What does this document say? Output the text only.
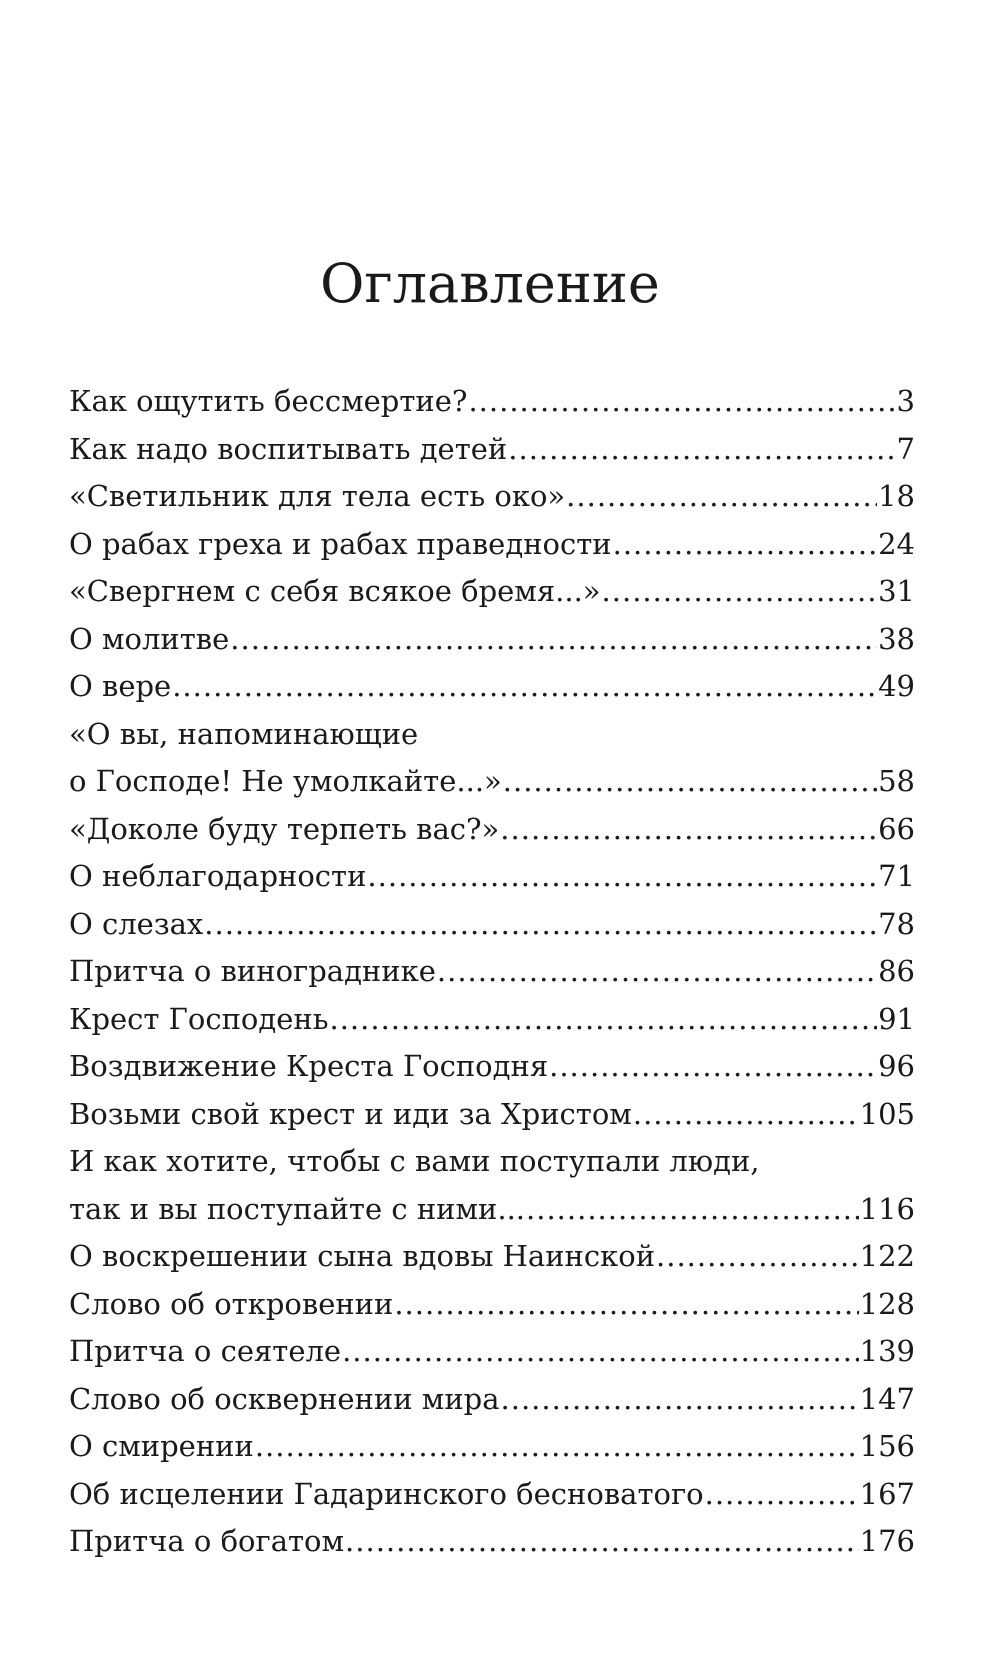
Оглавление
Как ощутить бессмертие? .....	3
Как надо воспитывать детей .....	7
«Светильник для тела есть око» .....	18
О рабах греха и рабах праведности .....	24
«Свергнем с себя всякое бремя...» .....	31
О молитве .....	38
О вере .....	49
«О вы, напоминающие
о Господе! Не умолкайте...» .....	58
«Доколе буду терпеть вас?» .....	66
О неблагодарности .....	71
О слезах .....	78
Притча о винограднике .....	86
Крест Господень .....	91
Воздвижение Креста Господня .....	96
Возьми свой крест и иди за Христом .....	105
И как хотите, чтобы с вами поступали люди,
так и вы поступайте с ними... .....	116
О воскрешении сына вдовы Наинской .....	122
Слово об откровении .....	128
Притча о сеятеле .....	139
Слово об осквернении мира .....	147
О смирении .....	156
Об исцелении Гадаринского бесноватого .....	167
Притча о богатом .....	176
